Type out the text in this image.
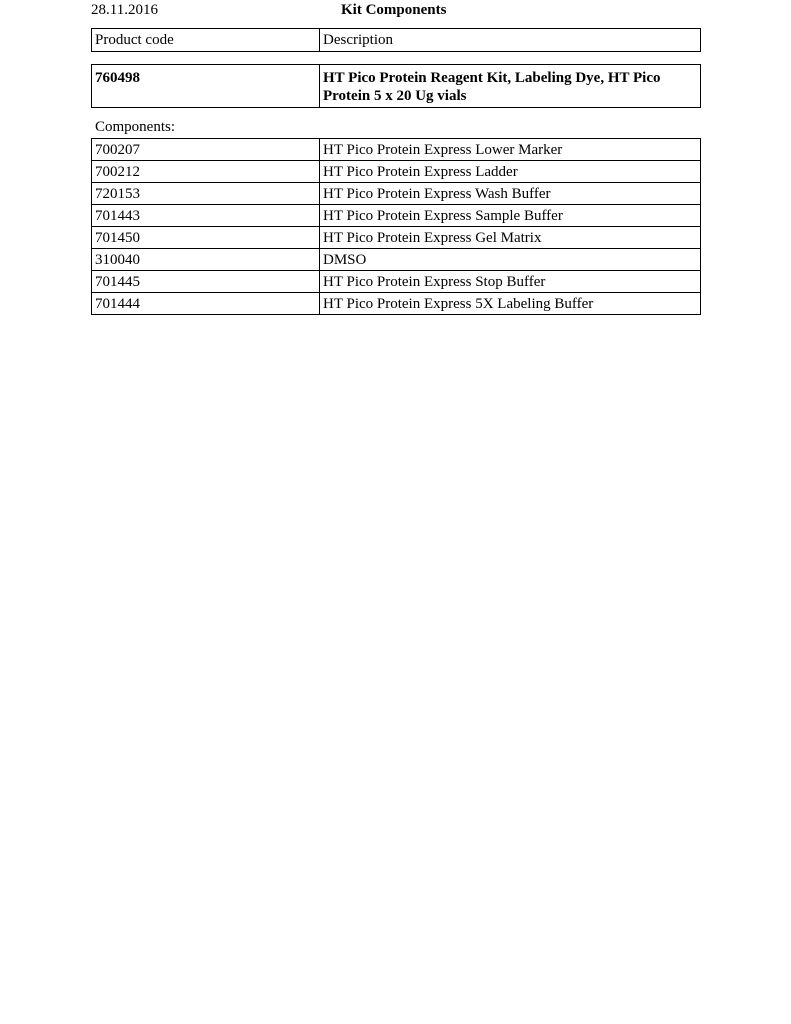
28.11.2016	Kit Components
Product code	Description
760498	HT Pico Protein Reagent Kit, Labeling Dye, HT Pico Protein 5 x 20 Ug vials
Components:
700207	HT Pico Protein Express Lower Marker
700212	HT Pico Protein Express Ladder
720153	HT Pico Protein Express Wash Buffer
701443	HT Pico Protein Express Sample Buffer
701450	HT Pico Protein Express Gel Matrix
310040	DMSO
701445	HT Pico Protein Express Stop Buffer
701444	HT Pico Protein Express 5X Labeling Buffer
